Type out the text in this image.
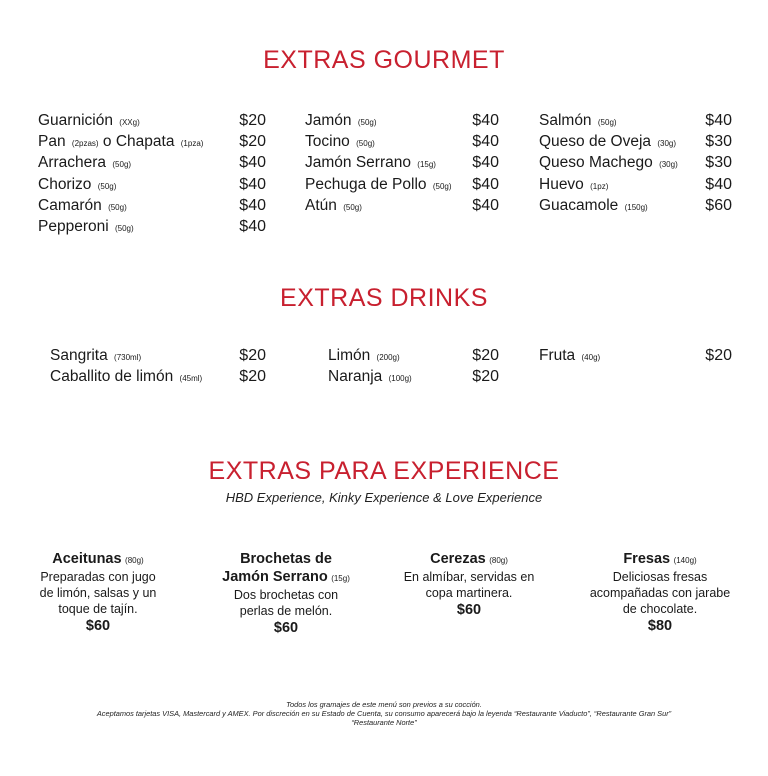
EXTRAS GOURMET
Guarnición (XXg)	$20
Pan (2pzas) o Chapata (1pza) $20
Arrachera (50g)	$40
Chorizo (50g)	$40
Camarón (50g)	$40
Pepperoni (50g)	$40
Jamón (50g)	$40
Tocino (50g)	$40
Jamón Serrano (15g) $40
Pechuga de Pollo (50g) $40
Atún (50g)	$40
Salmón (50g)	$40
Queso de Oveja (30g) $30
Queso Machego (30g) $30
Huevo (1pz)	$40
Guacamole (150g)	$60
EXTRAS DRINKS
Sangrita (730ml)	$20
Caballito de limón (45ml) $20
Limón (200g)	$20
Naranja (100g)	$20
Fruta (40g)	$20
EXTRAS PARA EXPERIENCE
HBD Experience, Kinky Experience & Love Experience
Aceitunas (80g)
Preparadas con jugo
de limón, salsas y un
toque de tajín.
$60
Brochetas de
Jamón Serrano (15g)
Dos brochetas con
perlas de melón.
$60
Cerezas (80g)
En almíbar, servidas en
copa martinera.
$60
Fresas (140g)
Deliciosas fresas
acompañadas con jarabe
de chocolate.
$80
Todos los gramajes de este menú son previos a su cocción.
Aceptamos tarjetas VISA, Mastercard y AMEX. Por discreción en su Estado de Cuenta, su consumo aparecerá bajo la leyenda “Restaurante Viaducto”, “Restaurante Gran Sur”
“Restaurante Norte”
